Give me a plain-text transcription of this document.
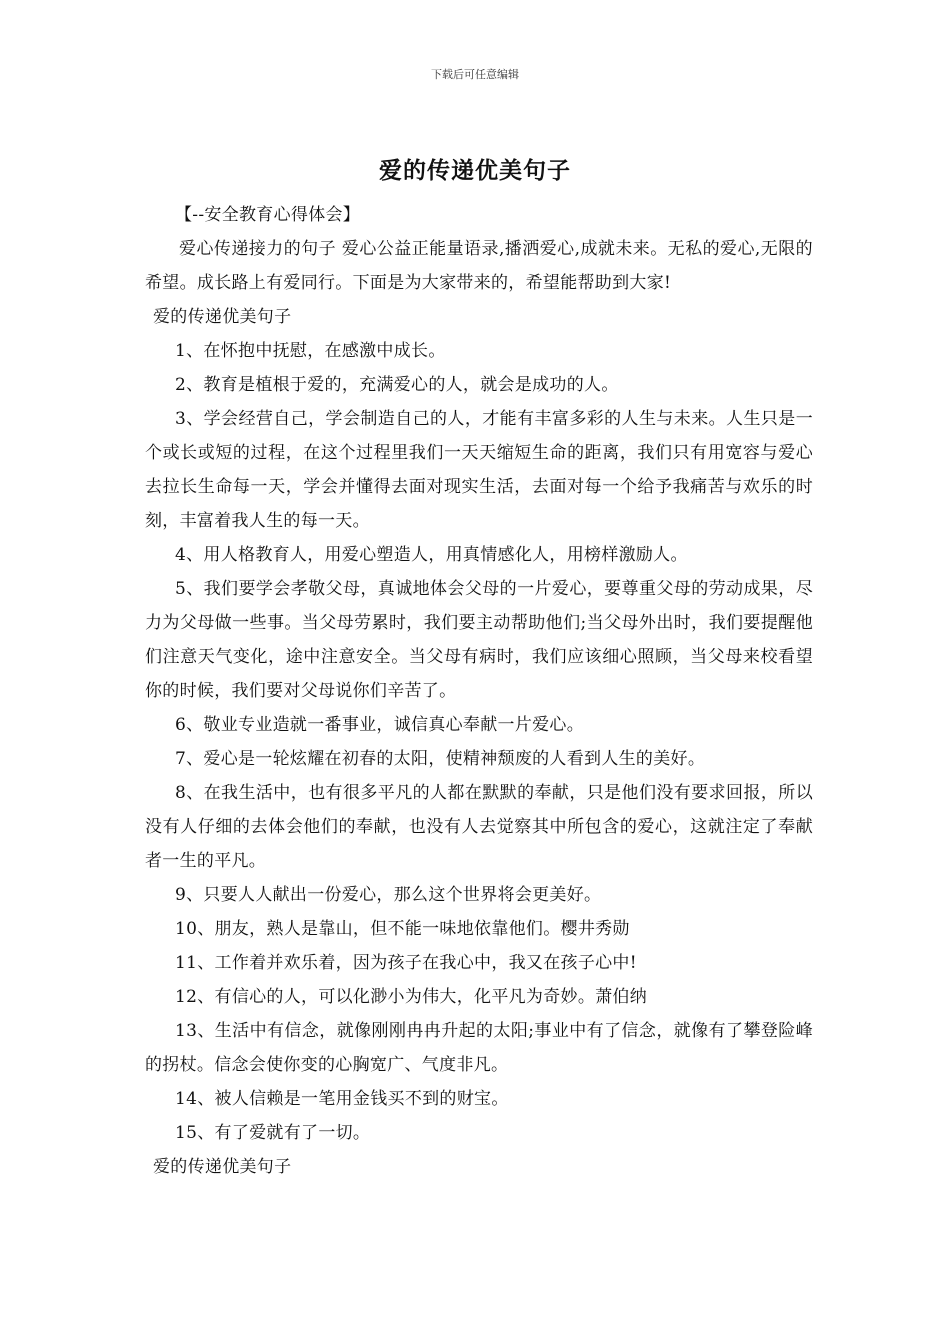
下载后可任意编辑
爱的传递优美句子

【--安全教育心得体会】

爱心传递接力的句子 爱心公益正能量语录,播洒爱心,成就未来。无私的爱心,无限的希望。成长路上有爱同行。下面是为大家带来的，希望能帮助到大家!

爱的传递优美句子

1、在怀抱中抚慰，在感激中成长。

2、教育是植根于爱的，充满爱心的人，就会是成功的人。

3、学会经营自己，学会制造自己的人，才能有丰富多彩的人生与未来。人生只是一个或长或短的过程，在这个过程里我们一天天缩短生命的距离，我们只有用宽容与爱心去拉长生命每一天，学会并懂得去面对现实生活，去面对每一个给予我痛苦与欢乐的时刻，丰富着我人生的每一天。

4、用人格教育人，用爱心塑造人，用真情感化人，用榜样激励人。

5、我们要学会孝敬父母，真诚地体会父母的一片爱心，要尊重父母的劳动成果，尽力为父母做一些事。当父母劳累时，我们要主动帮助他们;当父母外出时，我们要提醒他们注意天气变化，途中注意安全。当父母有病时，我们应该细心照顾，当父母来校看望你的时候，我们要对父母说你们辛苦了。

6、敬业专业造就一番事业，诚信真心奉献一片爱心。

7、爱心是一轮炫耀在初春的太阳，使精神颓废的人看到人生的美好。

8、在我生活中，也有很多平凡的人都在默默的奉献，只是他们没有要求回报，所以没有人仔细的去体会他们的奉献，也没有人去觉察其中所包含的爱心，这就注定了奉献者一生的平凡。

9、只要人人献出一份爱心，那么这个世界将会更美好。

10、朋友，熟人是靠山，但不能一味地依靠他们。樱井秀勋

11、工作着并欢乐着，因为孩子在我心中，我又在孩子心中!

12、有信心的人，可以化渺小为伟大，化平凡为奇妙。萧伯纳

13、生活中有信念，就像刚刚冉冉升起的太阳;事业中有了信念，就像有了攀登险峰的拐杖。信念会使你变的心胸宽广、气度非凡。

14、被人信赖是一笔用金钱买不到的财宝。

15、有了爱就有了一切。

爱的传递优美句子
